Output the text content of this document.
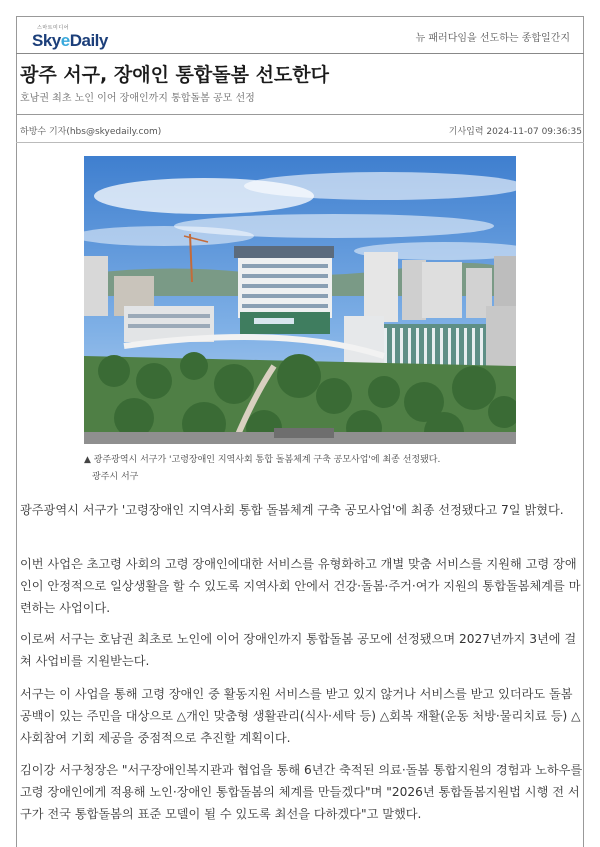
스마트미디어
SkyeDaily	뉴 패러다임을 선도하는 종합일간지
광주 서구, 장애인 통합돌봄 선도한다
호남권 최초 노인 이어 장애인까지 통합돌봄 공모 선정
하방수 기자(hbs@skyedaily.com)	기사입력 2024-11-07 09:36:35
▲ 광주광역시 서구가 '고령장애인 지역사회 통합 돌봄체계 구축 공모사업'에 최종 선정됐다.
광주시 서구

광주광역시 서구가 '고령장애인 지역사회 통합 돌봄체계 구축 공모사업'에 최종 선정됐다고 7일 밝혔다.

이번 사업은 초고령 사회의 고령 장애인에대한 서비스를 유형화하고 개별 맞춤 서비스를 지원해 고령 장애인이 안정적으로 일상생활을 할 수 있도록 지역사회 안에서 건강·돌봄·주거·여가 지원의 통합돌봄체계를 마련하는 사업이다.

이로써 서구는 호남권 최초로 노인에 이어 장애인까지 통합돌봄 공모에 선정됐으며 2027년까지 3년에 걸쳐 사업비를 지원받는다.

서구는 이 사업을 통해 고령 장애인 중 활동지원 서비스를 받고 있지 않거나 서비스를 받고 있더라도 돌봄 공백이 있는 주민을 대상으로 △개인 맞춤형 생활관리(식사·세탁 등) △회복 재활(운동 처방·물리치료 등) △사회참여 기회 제공을 중점적으로 추진할 계획이다.

김이강 서구청장은 "서구장애인복지관과 협업을 통해 6년간 축적된 의료·돌봄 통합지원의 경험과 노하우를 고령 장애인에게 적용해 노인·장애인 통합돌봄의 체계를 만들겠다"며 "2026년 통합돌봄지원법 시행 전 서구가 전국 통합돌봄의 표준 모델이 될 수 있도록 최선을 다하겠다"고 말했다.
